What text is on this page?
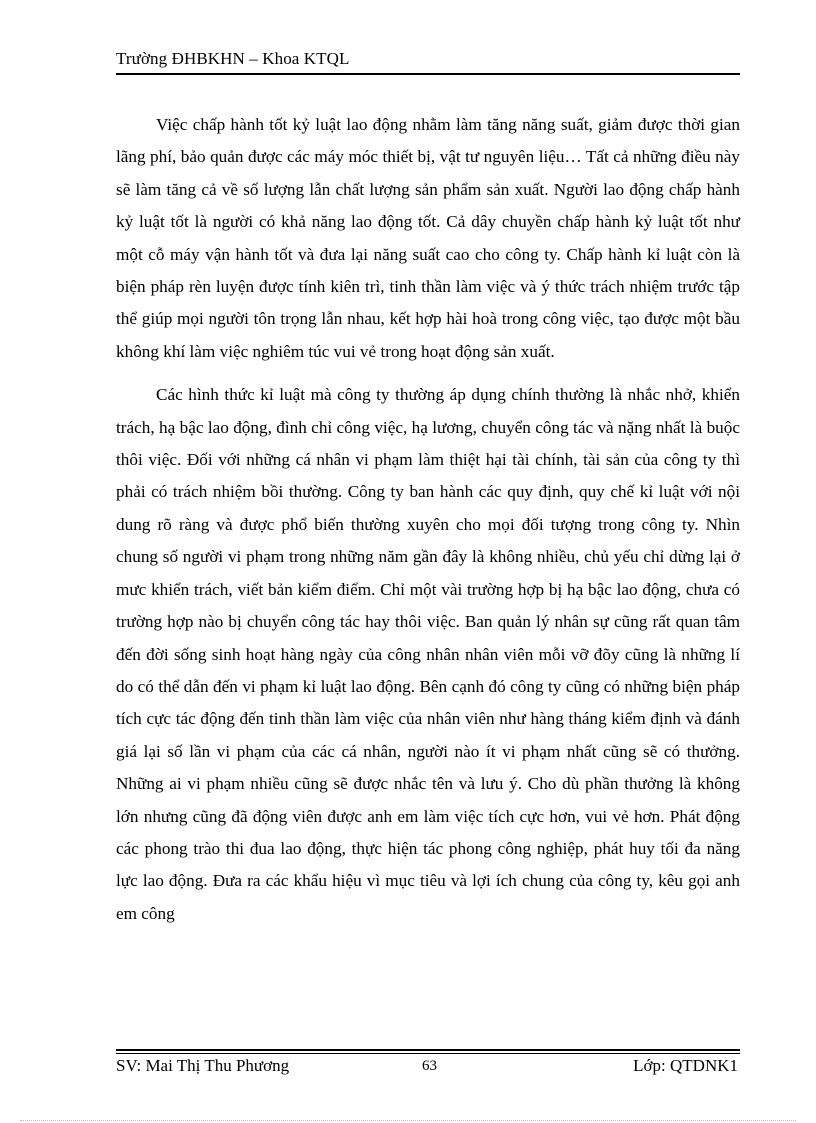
Trường ĐHBKHN – Khoa KTQL

Việc chấp hành tốt kỷ luật lao động nhằm làm tăng năng suất, giảm được thời gian lãng phí, bảo quản được các máy móc thiết bị, vật tư nguyên liệu… Tất cả những điều này sẽ làm tăng cả về số lượng lẫn chất lượng sản phẩm sản xuất. Người lao động chấp hành kỷ luật tốt là người có khả năng lao động tốt. Cả dây chuyền chấp hành kỷ luật tốt như một cỗ máy vận hành tốt và đưa lại năng suất cao cho công ty. Chấp hành kỉ luật còn là biện pháp rèn luyện được tính kiên trì, tinh thần làm việc và ý thức trách nhiệm trước tập thể giúp mọi người tôn trọng lẫn nhau, kết hợp hài hoà trong công việc, tạo được một bầu không khí làm việc nghiêm túc vui vẻ trong hoạt động sản xuất.

Các hình thức kỉ luật mà công ty thường áp dụng chính thường là nhắc nhở, khiển trách, hạ bậc lao động, đình chỉ công việc, hạ lương, chuyển công tác và nặng nhất là buộc thôi việc. Đối với những cá nhân vi phạm làm thiệt hại tài chính, tài sản của công ty thì phải có trách nhiệm bồi thường. Công ty ban hành các quy định, quy chế kỉ luật với nội dung rõ ràng và được phổ biến thường xuyên cho mọi đối tượng trong công ty. Nhìn chung số người vi phạm trong những năm gần đây là không nhiều, chủ yếu chỉ dừng lại ở mưc khiển trách, viết bản kiểm điểm. Chỉ một vài trường hợp bị hạ bậc lao động, chưa có trường hợp nào bị chuyển công tác hay thôi việc. Ban quản lý nhân sự cũng rất quan tâm đến đời sống sinh hoạt hàng ngày của công nhân nhân viên mỗi vỡ đõy cũng là những lí do có thể dẫn đến vi phạm kỉ luật lao động. Bên cạnh đó công ty cũng có những biện pháp tích cực tác động đến tinh thần làm việc của nhân viên như hàng tháng kiểm định và đánh giá lại số lần vi phạm của các cá nhân, người nào ít vi phạm nhất cũng sẽ có thưởng. Những ai vi phạm nhiều cũng sẽ được nhắc tên và lưu ý. Cho dù phần thưởng là không lớn nhưng cũng đã động viên được anh em làm việc tích cực hơn, vui vẻ hơn. Phát động các phong trào thi đua lao động, thực hiện tác phong công nghiệp, phát huy tối đa năng lực lao động. Đưa ra các khẩu hiệu vì mục tiêu và lợi ích chung của công ty, kêu gọi anh em công

SV: Mai Thị Thu Phương	63	Lớp: QTDNK1
